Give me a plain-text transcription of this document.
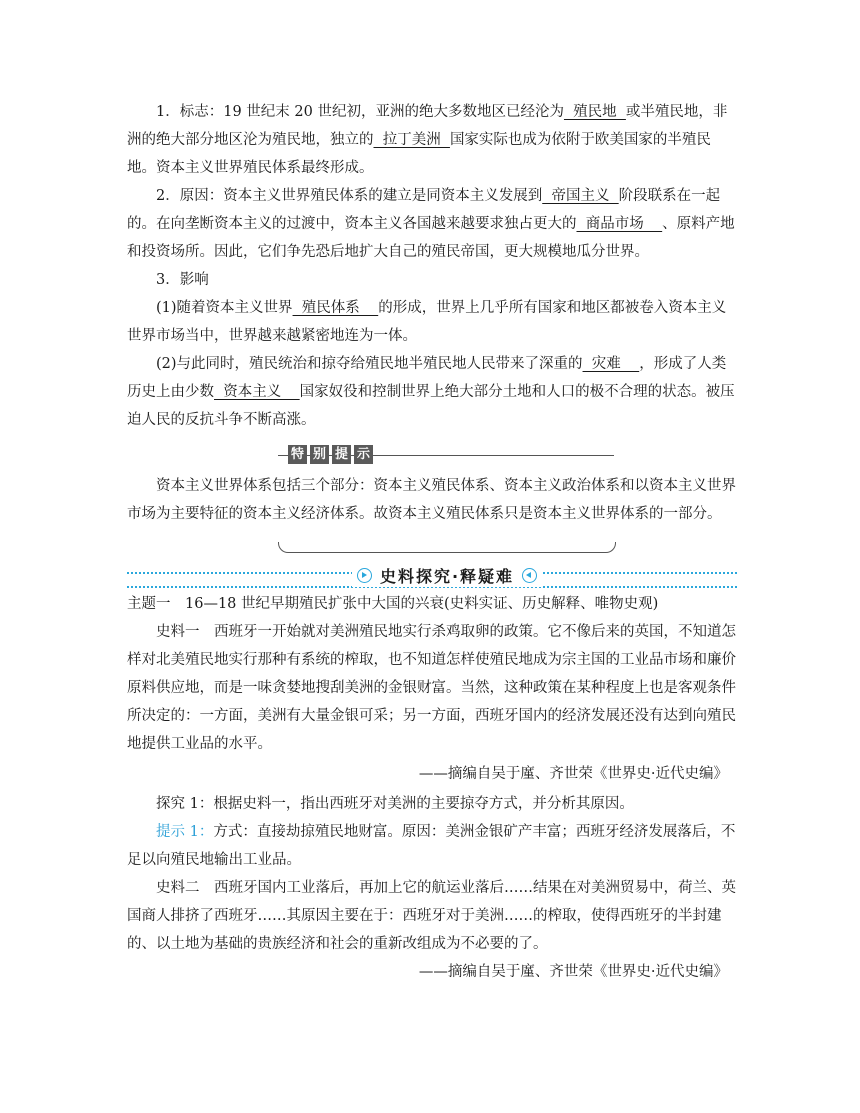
1．标志：19 世纪末 20 世纪初，亚洲的绝大多数地区已经沦为  殖民地  或半殖民地，非洲的绝大部分地区沦为殖民地，独立的  拉丁美洲  国家实际也成为依附于欧美国家的半殖民地。资本主义世界殖民体系最终形成。

2．原因：资本主义世界殖民体系的建立是同资本主义发展到  帝国主义  阶段联系在一起的。在向垄断资本主义的过渡中，资本主义各国越来越要求独占更大的  商品市场    、原料产地和投资场所。因此，它们争先恐后地扩大自己的殖民帝国，更大规模地瓜分世界。

3．影响

(1)随着资本主义世界  殖民体系    的形成，世界上几乎所有国家和地区都被卷入资本主义世界市场当中，世界越来越紧密地连为一体。

(2)与此同时，殖民统治和掠夺给殖民地半殖民地人民带来了深重的  灾难    ，形成了人类历史上由少数  资本主义    国家奴役和控制世界上绝大部分土地和人口的极不合理的状态。被压迫人民的反抗斗争不断高涨。

特 别 提 示

资本主义世界体系包括三个部分：资本主义殖民体系、资本主义政治体系和以资本主义世界市场为主要特征的资本主义经济体系。故资本主义殖民体系只是资本主义世界体系的一部分。

史料探究·释疑难

主题一　16—18 世纪早期殖民扩张中大国的兴衰(史料实证、历史解释、唯物史观)

史料一　西班牙一开始就对美洲殖民地实行杀鸡取卵的政策。它不像后来的英国，不知道怎样对北美殖民地实行那种有系统的榨取，也不知道怎样使殖民地成为宗主国的工业品市场和廉价原料供应地，而是一味贪婪地搜刮美洲的金银财富。当然，这种政策在某种程度上也是客观条件所决定的：一方面，美洲有大量金银可采；另一方面，西班牙国内的经济发展还没有达到向殖民地提供工业品的水平。

——摘编自吴于廑、齐世荣《世界史·近代史编》

探究 1：根据史料一，指出西班牙对美洲的主要掠夺方式，并分析其原因。

提示 1：方式：直接劫掠殖民地财富。原因：美洲金银矿产丰富；西班牙经济发展落后，不足以向殖民地输出工业品。

史料二　西班牙国内工业落后，再加上它的航运业落后……结果在对美洲贸易中，荷兰、英国商人排挤了西班牙……其原因主要在于：西班牙对于美洲……的榨取，使得西班牙的半封建的、以土地为基础的贵族经济和社会的重新改组成为不必要的了。

——摘编自吴于廑、齐世荣《世界史·近代史编》
